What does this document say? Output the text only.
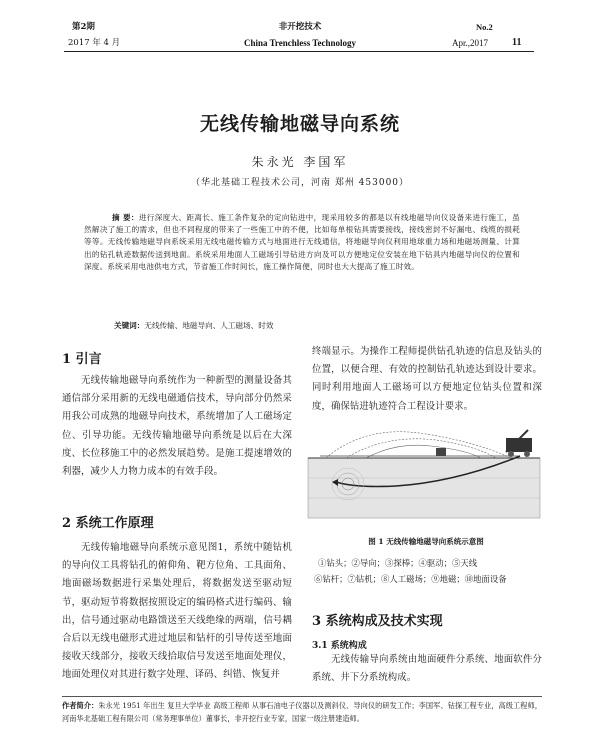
第2期
2017 年 4 月
非开挖技术
China Trenchless Technology
No.2
Apr.,2017 11
无线传输地磁导向系统
朱永光 李国军
（华北基础工程技术公司，河南 郑州 453000）
摘 要：进行深度大、距离长、施工条件复杂的定向钻进中，现采用较多的都是以有线地磁导向仪设备来进行施工，虽然解决了施工的需求，但也不同程度的带来了一些施工中的不便，比如每单根钻具需要接线，接线密封不好漏电、线缆的损耗等等。无线传输地磁导向系统采用无线电磁传输方式与地面进行无线通信，将地磁导向仪利用地球重力场和地磁场测量、计算出的钻孔轨迹数据传送到地面。系统采用地面人工磁场引导钻进方向及可以方便地定位安装在地下钻具内地磁导向仪的位置和深度。系统采用电池供电方式，节省施工作时间长，施工操作简便，同时也大大提高了施工时效。
关键词：无线传输、地磁导向、人工磁场、时效
1 引言
无线传输地磁导向系统作为一种新型的测量设备其通信部分采用新的无线电磁通信技术，导向部分仍然采用我公司成熟的地磁导向技术，系统增加了人工磁场定位、引导功能。无线传输地磁导向系统是以后在大深度、长位移施工中的必然发展趋势。是施工提速增效的利器，减少人力物力成本的有效手段。
2 系统工作原理
无线传输地磁导向系统示意见图1，系统中随钻机的导向仪工具将钻孔的俯仰角、靶方位角、工具面角、地面磁场数据进行采集处理后，将数据发送至驱动短节，驱动短节将数据按照设定的编码格式进行编码、输出，信号通过驱动电路馈送至天线绝缘的两端，信号耦合后以无线电磁形式进过地层和钻杆的引导传送至地面接收天线部分，接收天线拾取信号发送至地面处理仪，地面处理仪对其进行数字处理、译码、纠错、恢复并
终端显示。为操作工程师提供钻孔轨迹的信息及钻头的位置，以便合理、有效的控制钻孔轨迹达到设计要求。同时利用地面人工磁场可以方便地定位钻头位置和深度，确保钻进轨迹符合工程设计要求。
图 1 无线传输地磁导向系统示意图
①钻头；②导向；③探棒；④驱动；⑤天线
⑥钻杆；⑦钻机；⑧人工磁场；⑨地磁；⑩地面设备
3 系统构成及技术实现
3.1 系统构成
无线传输导向系统由地面硬件分系统、地面软件分系统、井下分系统构成。
作者简介：朱永光 1951 年出生 复旦大学毕业 高级工程师 从事石油电子仪器以及测斜仪、导向仪的研发工作；李国军、钻探工程专业，高级工程师，河南华北基础工程有限公司（常务理事单位）董事长，非开挖行业专家，国家一级注册建造师。
